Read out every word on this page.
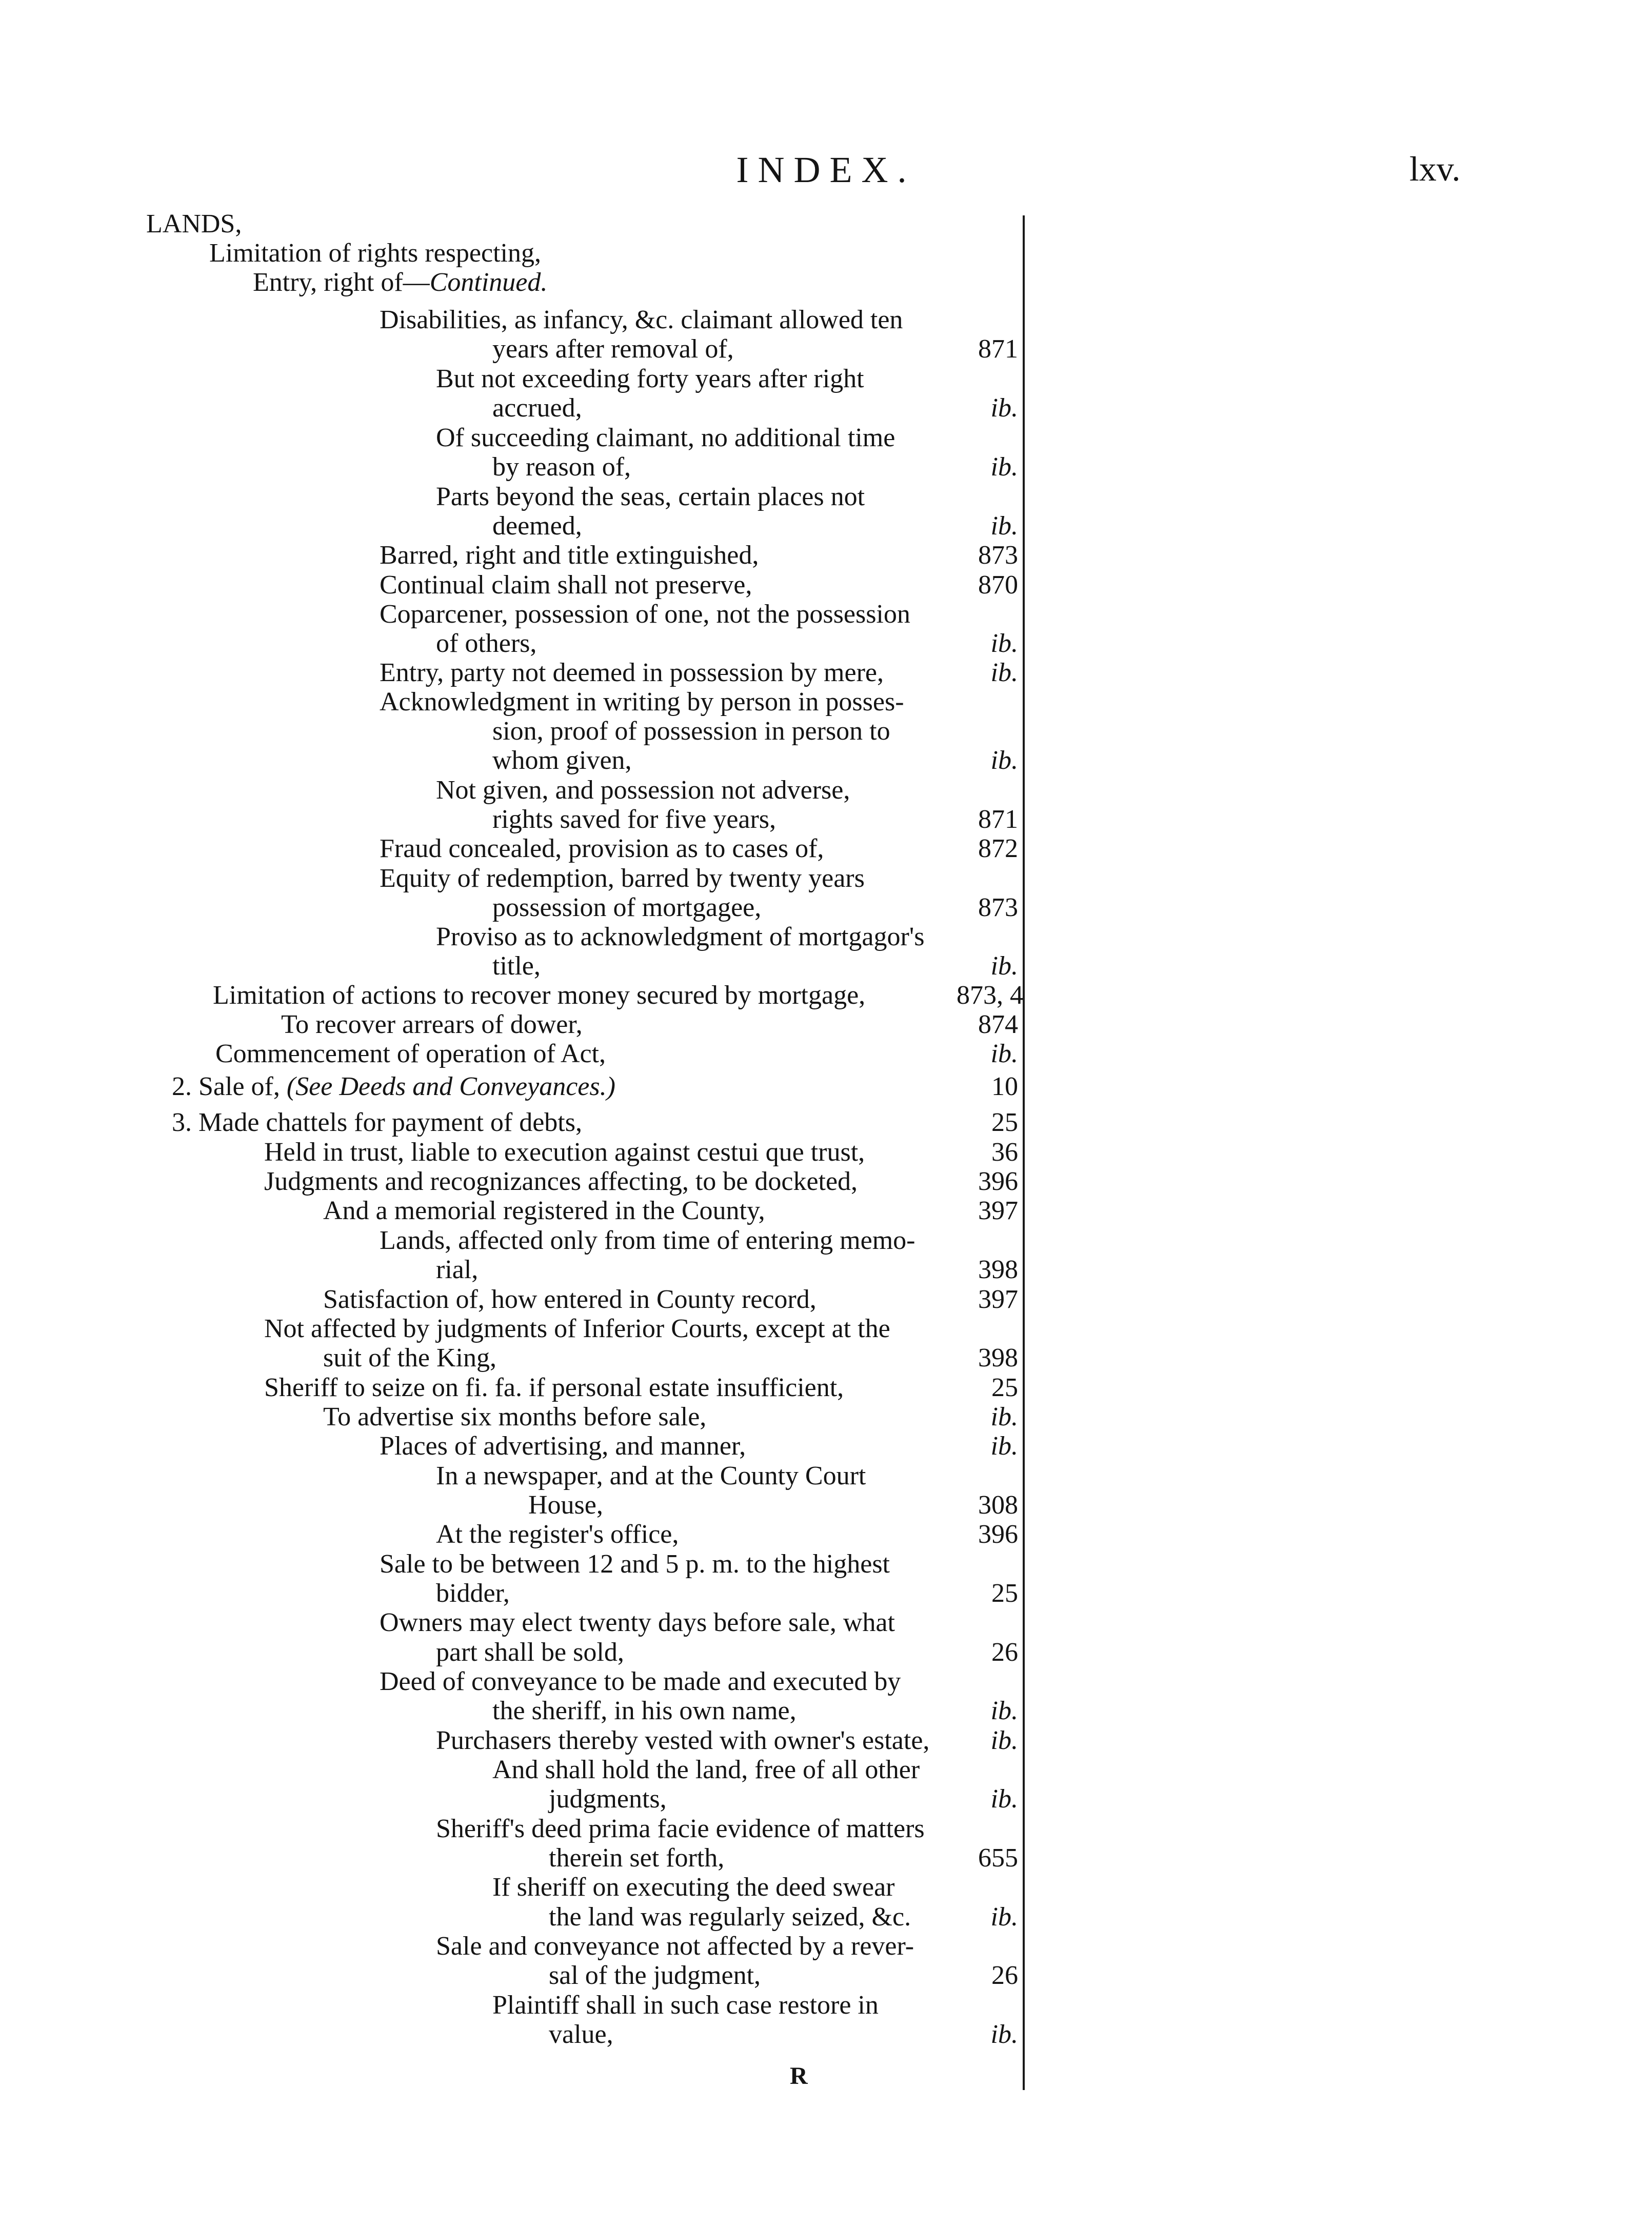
INDEX.	lxv.
LANDS,
Limitation of rights respecting,
Entry, right of—Continued.
Disabilities, as infancy, &c. claimant allowed ten
years after removal of,	871
But not exceeding forty years after right
accrued,	ib.
Of succeeding claimant, no additional time
by reason of,	ib.
Parts beyond the seas, certain places not
deemed,	ib.
Barred, right and title extinguished,	873
Continual claim shall not preserve,	870
Coparcener, possession of one, not the possession
of others,	ib.
Entry, party not deemed in possession by mere,	ib.
Acknowledgment in writing by person in posses-
sion, proof of possession in person to
whom given,	ib.
Not given, and possession not adverse,
rights saved for five years,	871
Fraud concealed, provision as to cases of,	872
Equity of redemption, barred by twenty years
possession of mortgagee,	873
Proviso as to acknowledgment of mortgagor's
title,	ib.
Limitation of actions to recover money secured by mortgage,	873, 4
To recover arrears of dower,	874
Commencement of operation of Act,	ib.
2. Sale of, (See Deeds and Conveyances.)	10
3. Made chattels for payment of debts,	25
Held in trust, liable to execution against cestui que trust,	36
Judgments and recognizances affecting, to be docketed,	396
And a memorial registered in the County,	397
Lands, affected only from time of entering memo-
rial,	398
Satisfaction of, how entered in County record,	397
Not affected by judgments of Inferior Courts, except at the
suit of the King,	398
Sheriff to seize on fi. fa. if personal estate insufficient,	25
To advertise six months before sale,	ib.
Places of advertising, and manner,	ib.
In a newspaper, and at the County Court
House,	308
At the register's office,	396
Sale to be between 12 and 5 p. m. to the highest
bidder,	25
Owners may elect twenty days before sale, what
part shall be sold,	26
Deed of conveyance to be made and executed by
the sheriff, in his own name,	ib.
Purchasers thereby vested with owner's estate,	ib.
And shall hold the land, free of all other
judgments,	ib.
Sheriff's deed prima facie evidence of matters
therein set forth,	655
If sheriff on executing the deed swear
the land was regularly seized, &c.	ib.
Sale and conveyance not affected by a rever-
sal of the judgment,	26
Plaintiff shall in such case restore in
value,	ib.
R
